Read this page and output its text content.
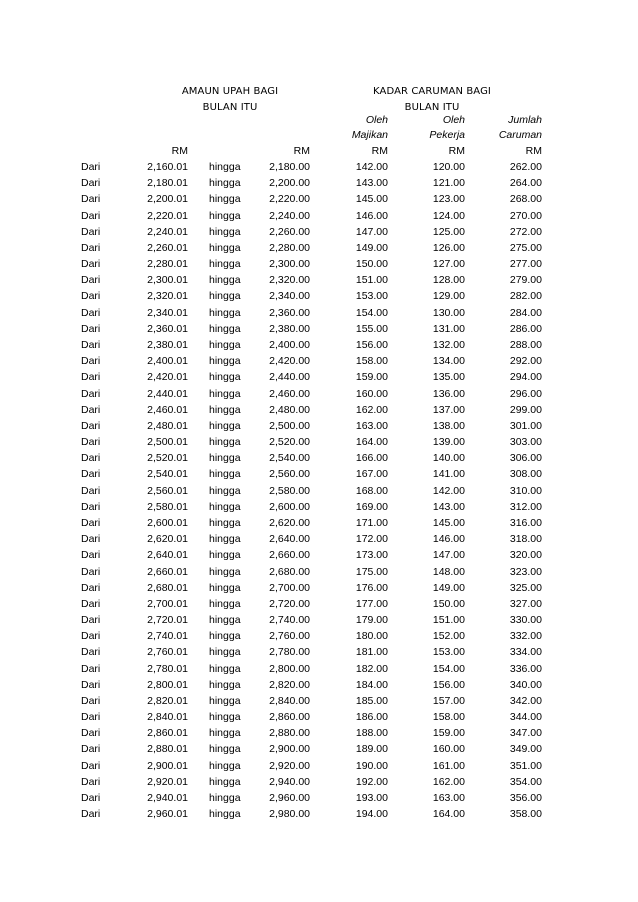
AMAUN UPAH BAGI
BULAN ITU
KADAR CARUMAN BAGI
BULAN ITU
Oleh
Majikan
Oleh
Pekerja
Jumlah
Caruman
RM	RM	RM	RM	RM
Dari	2,160.01 hingga	2,180.00	142.00	120.00	262.00
Dari	2,180.01 hingga	2,200.00	143.00	121.00	264.00
Dari	2,200.01 hingga	2,220.00	145.00	123.00	268.00
Dari	2,220.01 hingga	2,240.00	146.00	124.00	270.00
Dari	2,240.01 hingga	2,260.00	147.00	125.00	272.00
Dari	2,260.01 hingga	2,280.00	149.00	126.00	275.00
Dari	2,280.01 hingga	2,300.00	150.00	127.00	277.00
Dari	2,300.01 hingga	2,320.00	151.00	128.00	279.00
Dari	2,320.01 hingga	2,340.00	153.00	129.00	282.00
Dari	2,340.01 hingga	2,360.00	154.00	130.00	284.00
Dari	2,360.01 hingga	2,380.00	155.00	131.00	286.00
Dari	2,380.01 hingga	2,400.00	156.00	132.00	288.00
Dari	2,400.01 hingga	2,420.00	158.00	134.00	292.00
Dari	2,420.01 hingga	2,440.00	159.00	135.00	294.00
Dari	2,440.01 hingga	2,460.00	160.00	136.00	296.00
Dari	2,460.01 hingga	2,480.00	162.00	137.00	299.00
Dari	2,480.01 hingga	2,500.00	163.00	138.00	301.00
Dari	2,500.01 hingga	2,520.00	164.00	139.00	303.00
Dari	2,520.01 hingga	2,540.00	166.00	140.00	306.00
Dari	2,540.01 hingga	2,560.00	167.00	141.00	308.00
Dari	2,560.01 hingga	2,580.00	168.00	142.00	310.00
Dari	2,580.01 hingga	2,600.00	169.00	143.00	312.00
Dari	2,600.01 hingga	2,620.00	171.00	145.00	316.00
Dari	2,620.01 hingga	2,640.00	172.00	146.00	318.00
Dari	2,640.01 hingga	2,660.00	173.00	147.00	320.00
Dari	2,660.01 hingga	2,680.00	175.00	148.00	323.00
Dari	2,680.01 hingga	2,700.00	176.00	149.00	325.00
Dari	2,700.01 hingga	2,720.00	177.00	150.00	327.00
Dari	2,720.01 hingga	2,740.00	179.00	151.00	330.00
Dari	2,740.01 hingga	2,760.00	180.00	152.00	332.00
Dari	2,760.01 hingga	2,780.00	181.00	153.00	334.00
Dari	2,780.01 hingga	2,800.00	182.00	154.00	336.00
Dari	2,800.01 hingga	2,820.00	184.00	156.00	340.00
Dari	2,820.01 hingga	2,840.00	185.00	157.00	342.00
Dari	2,840.01 hingga	2,860.00	186.00	158.00	344.00
Dari	2,860.01 hingga	2,880.00	188.00	159.00	347.00
Dari	2,880.01 hingga	2,900.00	189.00	160.00	349.00
Dari	2,900.01 hingga	2,920.00	190.00	161.00	351.00
Dari	2,920.01 hingga	2,940.00	192.00	162.00	354.00
Dari	2,940.01 hingga	2,960.00	193.00	163.00	356.00
Dari	2,960.01 hingga	2,980.00	194.00	164.00	358.00
